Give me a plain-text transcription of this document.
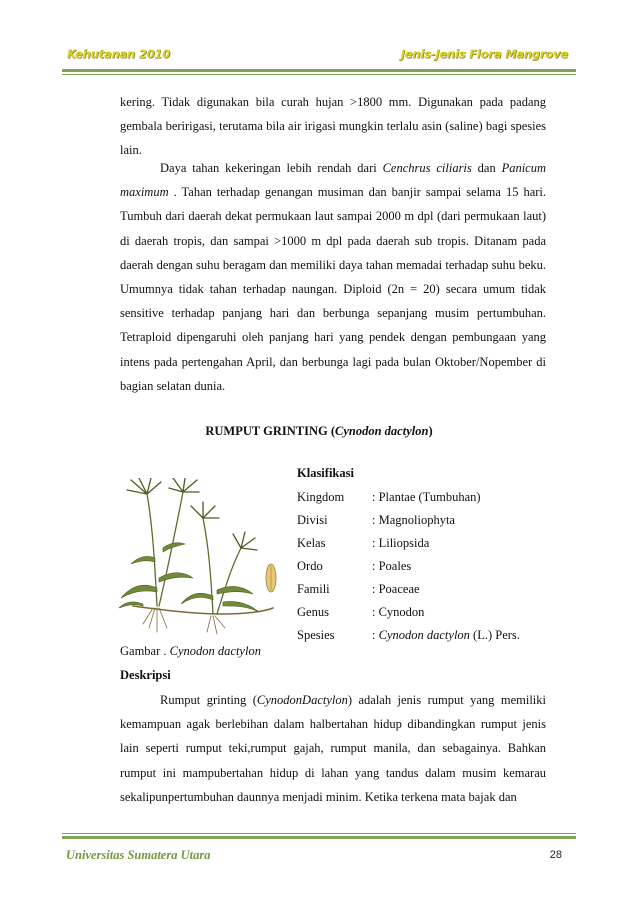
Kehutanan 2010	Jenis-Jenis Flora Mangrove

kering. Tidak digunakan bila curah hujan >1800 mm. Digunakan pada padang gembala beririgasi, terutama bila air irigasi mungkin terlalu asin (saline) bagi spesies lain.

Daya tahan kekeringan lebih rendah dari Cenchrus ciliaris dan Panicum maximum . Tahan terhadap genangan musiman dan banjir sampai selama 15 hari. Tumbuh dari daerah dekat permukaan laut sampai 2000 m dpl (dari permukaan laut) di daerah tropis, dan sampai >1000 m dpl pada daerah sub tropis. Ditanam pada daerah dengan suhu beragam dan memiliki daya tahan memadai terhadap suhu beku. Umumnya tidak tahan terhadap naungan. Diploid (2n = 20) secara umum tidak sensitive terhadap panjang hari dan berbunga sepanjang musim pertumbuhan. Tetraploid dipengaruhi oleh panjang hari yang pendek dengan pembungaan yang intens pada pertengahan April, dan berbunga lagi pada bulan Oktober/Nopember di bagian selatan dunia.

RUMPUT GRINTING (Cynodon dactylon)
Klasifikasi
Kingdom : Plantae (Tumbuhan)
Divisi	: Magnoliophyta
Kelas	: Liliopsida
Ordo	: Poales
Famili	: Poaceae
Genus	: Cynodon
Spesies	: Cynodon dactylon (L.) Pers.
Gambar . Cynodon dactylon
Deskripsi

Rumput grinting (CynodonDactylon) adalah jenis rumput yang memiliki kemampuan agak berlebihan dalam halbertahan hidup dibandingkan rumput jenis lain seperti rumput teki,rumput gajah, rumput manila, dan sebagainya. Bahkan rumput ini mampubertahan hidup di lahan yang tandus dalam musim kemarau sekalipunpertumbuhan daunnya menjadi minim. Ketika terkena mata bajak dan

Universitas Sumatera Utara	28
